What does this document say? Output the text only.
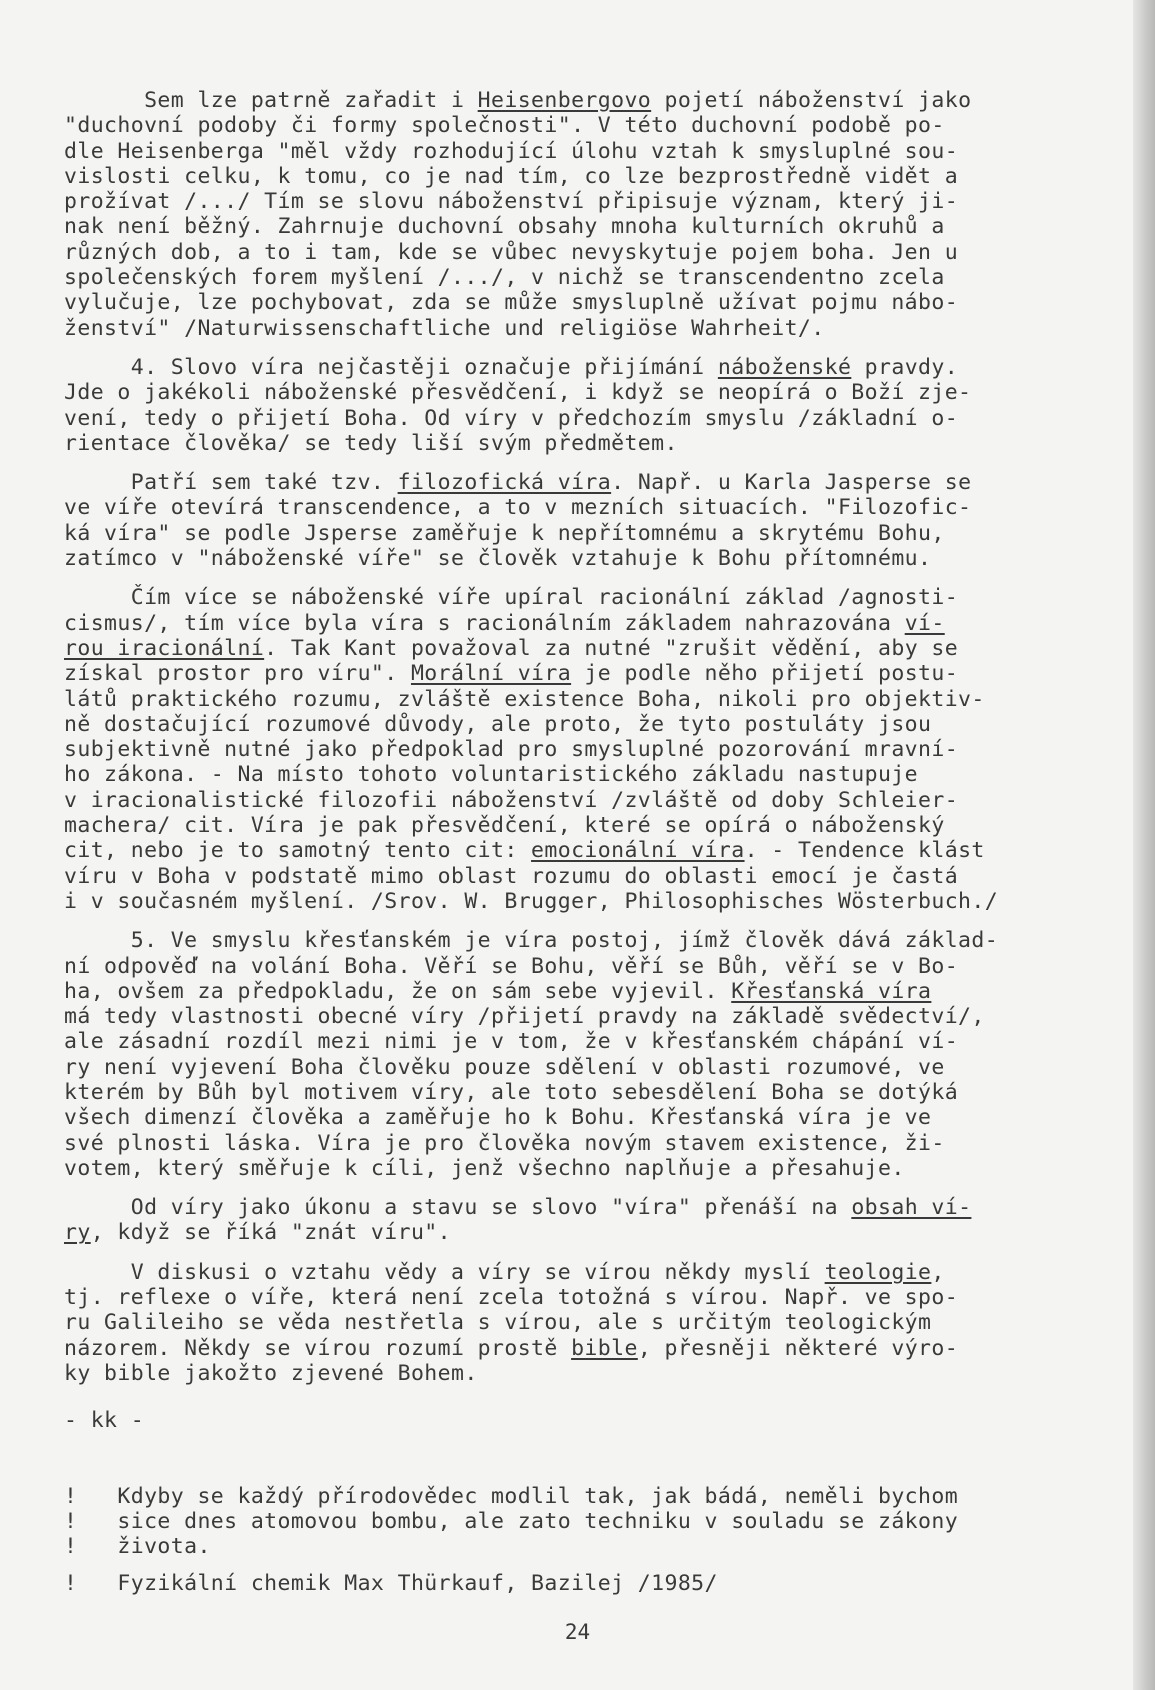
Sem lze patrně zařadit i Heisenbergovo pojetí náboženství jako
"duchovní podoby či formy společnosti". V této duchovní podobě po-
dle Heisenberga "měl vždy rozhodující úlohu vztah k smysluplné sou-
vislosti celku, k tomu, co je nad tím, co lze bezprostředně vidět a
prožívat /.../ Tím se slovu náboženství připisuje význam, který ji-
nak není běžný. Zahrnuje duchovní obsahy mnoha kulturních okruhů a
různých dob, a to i tam, kde se vůbec nevyskytuje pojem boha. Jen u
společenských forem myšlení /.../, v nichž se transcendentno zcela
vylučuje, lze pochybovat, zda se může smysluplně užívat pojmu nábo-
ženství" /Naturwissenschaftliche und religiöse Wahrheit/.
4. Slovo víra nejčastěji označuje přijímání náboženské pravdy.
Jde o jakékoli náboženské přesvědčení, i když se neopírá o Boží zje-
vení, tedy o přijetí Boha. Od víry v předchozím smyslu /základní o-
rientace člověka/ se tedy liší svým předmětem.
Patří sem také tzv. filozofická víra. Např. u Karla Jasperse se
ve víře otevírá transcendence, a to v mezních situacích. "Filozofic-
ká víra" se podle Jsperse zaměřuje k nepřítomnému a skrytému Bohu,
zatímco v "náboženské víře" se člověk vztahuje k Bohu přítomnému.
Čím více se náboženské víře upíral racionální základ /agnosti-
cismus/, tím více byla víra s racionálním základem nahrazována ví-
rou iracionální. Tak Kant považoval za nutné "zrušit vědění, aby se
získal prostor pro víru". Morální víra je podle něho přijetí postu-
látů praktického rozumu, zvláště existence Boha, nikoli pro objektiv-
ně dostačující rozumové důvody, ale proto, že tyto postuláty jsou
subjektivně nutné jako předpoklad pro smysluplné pozorování mravní-
ho zákona. - Na místo tohoto voluntaristického základu nastupuje
v iracionalistické filozofii náboženství /zvláště od doby Schleier-
machera/ cit. Víra je pak přesvědčení, které se opírá o náboženský
cit, nebo je to samotný tento cit: emocionální víra. - Tendence klást
víru v Boha v podstatě mimo oblast rozumu do oblasti emocí je častá
i v současném myšlení. /Srov. W. Brugger, Philosophisches Wösterbuch./
5. Ve smyslu křesťanském je víra postoj, jímž člověk dává základ-
ní odpověď na volání Boha. Věří se Bohu, věří se Bůh, věří se v Bo-
ha, ovšem za předpokladu, že on sám sebe vyjevil. Křesťanská víra
má tedy vlastnosti obecné víry /přijetí pravdy na základě svědectví/,
ale zásadní rozdíl mezi nimi je v tom, že v křesťanském chápání ví-
ry není vyjevení Boha člověku pouze sdělení v oblasti rozumové, ve
kterém by Bůh byl motivem víry, ale toto sebesdělení Boha se dotýká
všech dimenzí člověka a zaměřuje ho k Bohu. Křesťanská víra je ve
své plnosti láska. Víra je pro člověka novým stavem existence, ži-
votem, který směřuje k cíli, jenž všechno naplňuje a přesahuje.
Od víry jako úkonu a stavu se slovo "víra" přenáší na obsah ví-
ry, když se říká "znát víru".
V diskusi o vztahu vědy a víry se vírou někdy myslí teologie,
tj. reflexe o víře, která není zcela totožná s vírou. Např. ve spo-
ru Galileiho se věda nestřetla s vírou, ale s určitým teologickým
názorem. Někdy se vírou rozumí prostě bible, přesněji některé výro-
ky bible jakožto zjevené Bohem.
- kk -
!   Kdyby se každý přírodovědec modlil tak, jak bádá, neměli bychom
!   sice dnes atomovou bombu, ale zato techniku v souladu se zákony
!   života.
!   Fyzikální chemik Max Thürkauf, Bazilej /1985/
24
